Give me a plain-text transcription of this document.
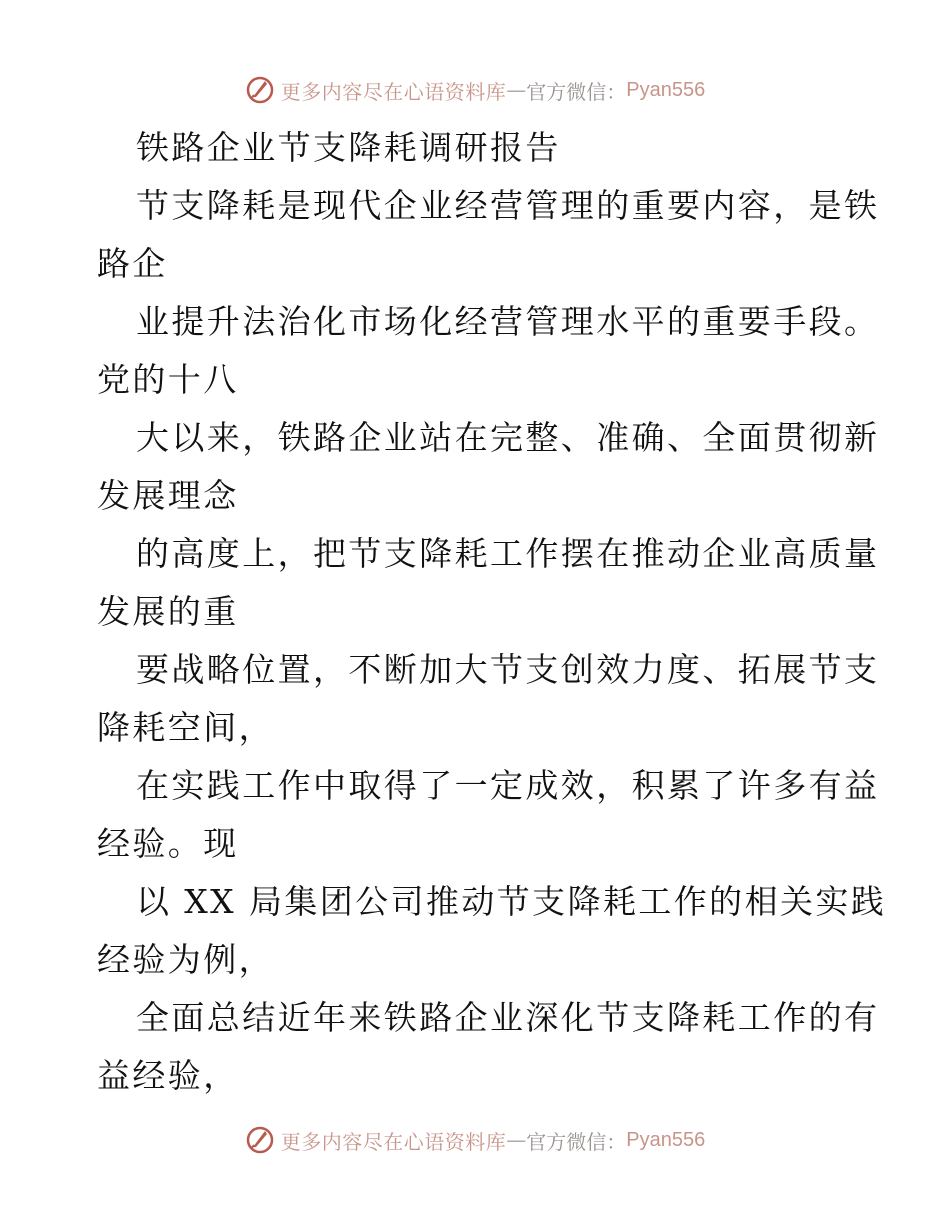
更多内容尽在心语资料库 — 官方微信： Pyan556
铁路企业节支降耗调研报告
节支降耗是现代企业经营管理的重要内容，是铁
路企
业提升法治化市场化经营管理水平的重要手段。
党的十八
大以来，铁路企业站在完整、准确、全面贯彻新
发展理念
的高度上，把节支降耗工作摆在推动企业高质量
发展的重
要战略位置，不断加大节支创效力度、拓展节支
降耗空间，
在实践工作中取得了一定成效，积累了许多有益
经验。现
以 XX 局集团公司推动节支降耗工作的相关实践
经验为例，
全面总结近年来铁路企业深化节支降耗工作的有
益经验，
更多内容尽在心语资料库 — 官方微信： Pyan556
